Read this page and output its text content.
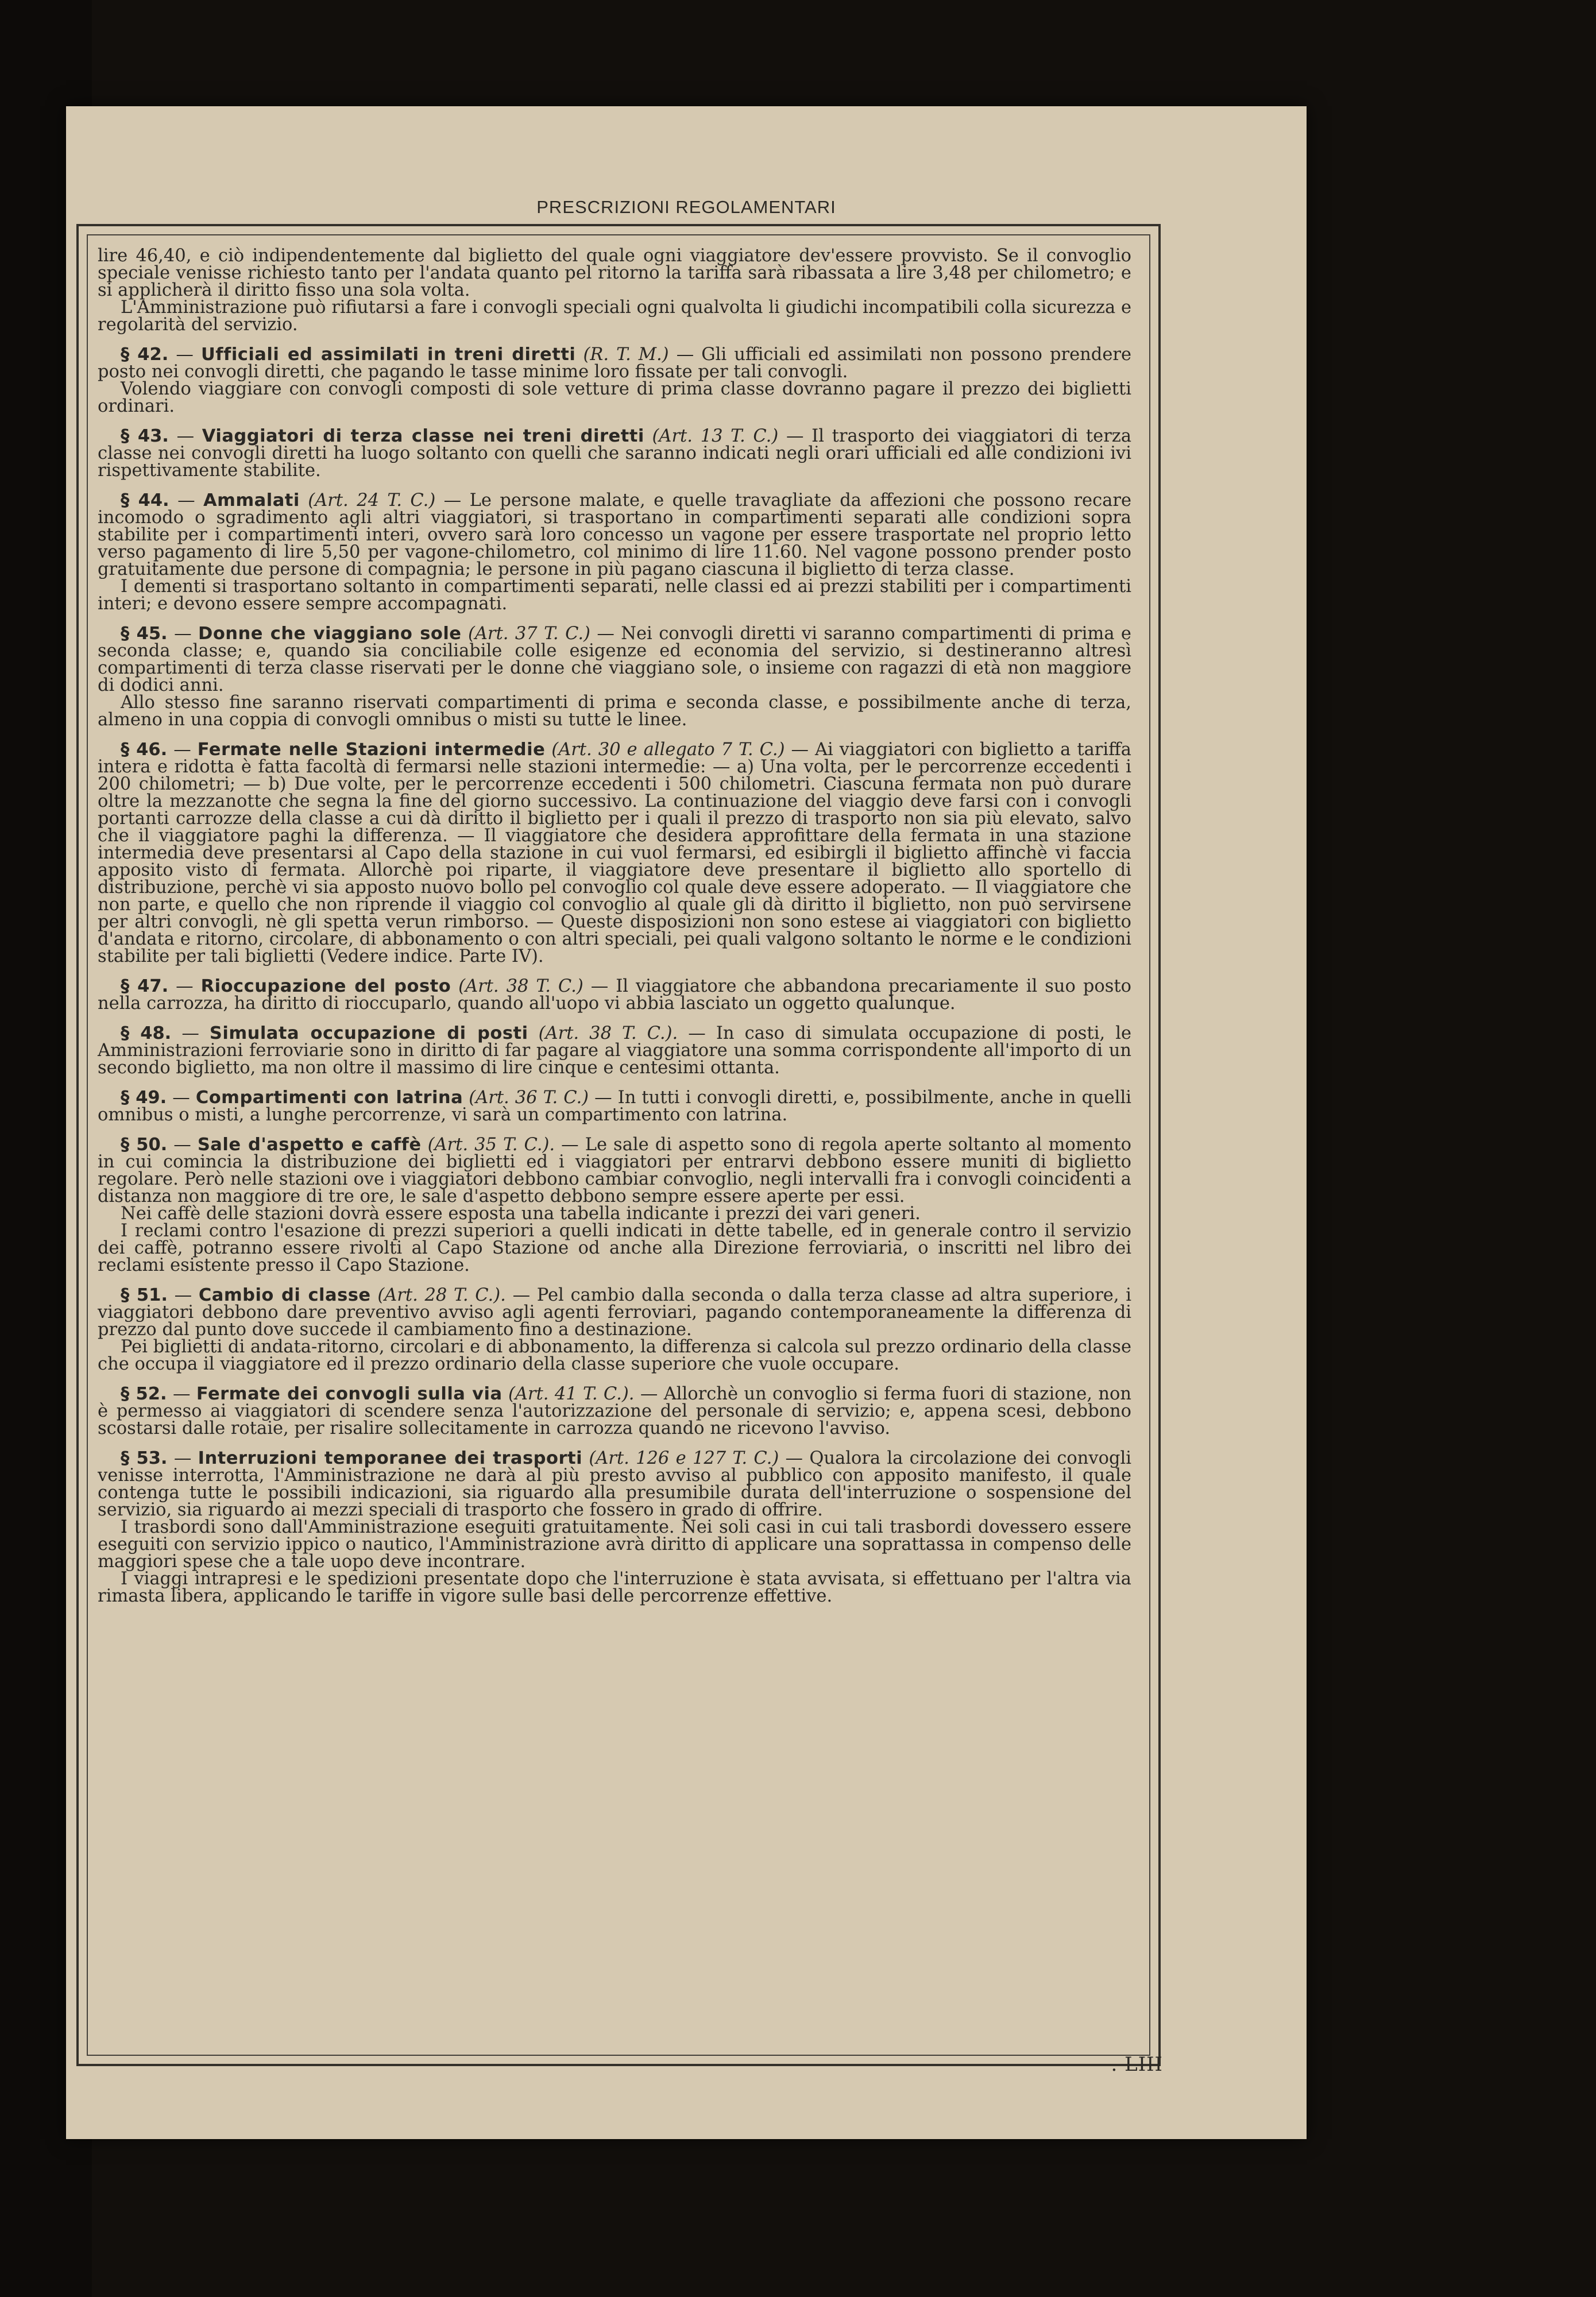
PRESCRIZIONI REGOLAMENTARI

lire 46,40, e ciò indipendentemente dal biglietto del quale ogni viaggiatore dev'essere provvisto. Se il convoglio speciale venisse richiesto tanto per l'andata quanto pel ritorno la tariffa sarà ribassata a lire 3,48 per chilometro; e si applicherà il diritto fisso una sola volta.

L'Amministrazione può rifiutarsi a fare i convogli speciali ogni qualvolta li giudichi incompatibili colla sicurezza e regolarità del servizio.

§ 42. — Ufficiali ed assimilati in treni diretti (R. T. M.) — Gli ufficiali ed assimilati non possono prendere posto nei convogli diretti, che pagando le tasse minime loro fissate per tali convogli.

Volendo viaggiare con convogli composti di sole vetture di prima classe dovranno pagare il prezzo dei biglietti ordinari.

§ 43. — Viaggiatori di terza classe nei treni diretti (Art. 13 T. C.) — Il trasporto dei viaggiatori di terza classe nei convogli diretti ha luogo soltanto con quelli che saranno indicati negli orari ufficiali ed alle condizioni ivi rispettivamente stabilite.

§ 44. — Ammalati (Art. 24 T. C.) — Le persone malate, e quelle travagliate da affezioni che possono recare incomodo o sgradimento agli altri viaggiatori, si trasportano in compartimenti separati alle condizioni sopra stabilite per i compartimenti interi, ovvero sarà loro concesso un vagone per essere trasportate nel proprio letto verso pagamento di lire 5,50 per vagone-chilometro, col minimo di lire 11.60. Nel vagone possono prender posto gratuitamente due persone di compagnia; le persone in più pagano ciascuna il biglietto di terza classe.

I dementi si trasportano soltanto in compartimenti separati, nelle classi ed ai prezzi stabiliti per i compartimenti interi; e devono essere sempre accompagnati.

§ 45. — Donne che viaggiano sole (Art. 37 T. C.) — Nei convogli diretti vi saranno compartimenti di prima e seconda classe; e, quando sia conciliabile colle esigenze ed economia del servizio, si destineranno altresì compartimenti di terza classe riservati per le donne che viaggiano sole, o insieme con ragazzi di età non maggiore di dodici anni.

Allo stesso fine saranno riservati compartimenti di prima e seconda classe, e possibilmente anche di terza, almeno in una coppia di convogli omnibus o misti su tutte le linee.

§ 46. — Fermate nelle Stazioni intermedie (Art. 30 e allegato 7 T. C.) — Ai viaggiatori con biglietto a tariffa intera e ridotta è fatta facoltà di fermarsi nelle stazioni intermedie: — a) Una volta, per le percorrenze eccedenti i 200 chilometri; — b) Due volte, per le percorrenze eccedenti i 500 chilometri. Ciascuna fermata non può durare oltre la mezzanotte che segna la fine del giorno successivo. La continuazione del viaggio deve farsi con i convogli portanti carrozze della classe a cui dà diritto il biglietto per i quali il prezzo di trasporto non sia più elevato, salvo che il viaggiatore paghi la differenza. — Il viaggiatore che desidera approfittare della fermata in una stazione intermedia deve presentarsi al Capo della stazione in cui vuol fermarsi, ed esibirgli il biglietto affinchè vi faccia apposito visto di fermata. Allorchè poi riparte, il viaggiatore deve presentare il biglietto allo sportello di distribuzione, perchè vi sia apposto nuovo bollo pel convoglio col quale deve essere adoperato. — Il viaggiatore che non parte, e quello che non riprende il viaggio col convoglio al quale gli dà diritto il biglietto, non può servirsene per altri convogli, nè gli spetta verun rimborso. — Queste disposizioni non sono estese ai viaggiatori con biglietto d'andata e ritorno, circolare, di abbonamento o con altri speciali, pei quali valgono soltanto le norme e le condizioni stabilite per tali biglietti (Vedere indice. Parte IV).

§ 47. — Rioccupazione del posto (Art. 38 T. C.) — Il viaggiatore che abbandona precariamente il suo posto nella carrozza, ha diritto di rioccuparlo, quando all'uopo vi abbia lasciato un oggetto qualunque.

§ 48. — Simulata occupazione di posti (Art. 38 T. C.). — In caso di simulata occupazione di posti, le Amministrazioni ferroviarie sono in diritto di far pagare al viaggiatore una somma corrispondente all'importo di un secondo biglietto, ma non oltre il massimo di lire cinque e centesimi ottanta.

§ 49. — Compartimenti con latrina (Art. 36 T. C.) — In tutti i convogli diretti, e, possibilmente, anche in quelli omnibus o misti, a lunghe percorrenze, vi sarà un compartimento con latrina.

§ 50. — Sale d'aspetto e caffè (Art. 35 T. C.). — Le sale di aspetto sono di regola aperte soltanto al momento in cui comincia la distribuzione dei biglietti ed i viaggiatori per entrarvi debbono essere muniti di biglietto regolare. Però nelle stazioni ove i viaggiatori debbono cambiar convoglio, negli intervalli fra i convogli coincidenti a distanza non maggiore di tre ore, le sale d'aspetto debbono sempre essere aperte per essi.

Nei caffè delle stazioni dovrà essere esposta una tabella indicante i prezzi dei vari generi.

I reclami contro l'esazione di prezzi superiori a quelli indicati in dette tabelle, ed in generale contro il servizio dei caffè, potranno essere rivolti al Capo Stazione od anche alla Direzione ferroviaria, o inscritti nel libro dei reclami esistente presso il Capo Stazione.

§ 51. — Cambio di classe (Art. 28 T. C.). — Pel cambio dalla seconda o dalla terza classe ad altra superiore, i viaggiatori debbono dare preventivo avviso agli agenti ferroviari, pagando contemporaneamente la differenza di prezzo dal punto dove succede il cambiamento fino a destinazione.

Pei biglietti di andata-ritorno, circolari e di abbonamento, la differenza si calcola sul prezzo ordinario della classe che occupa il viaggiatore ed il prezzo ordinario della classe superiore che vuole occupare.

§ 52. — Fermate dei convogli sulla via (Art. 41 T. C.). — Allorchè un convoglio si ferma fuori di stazione, non è permesso ai viaggiatori di scendere senza l'autorizzazione del personale di servizio; e, appena scesi, debbono scostarsi dalle rotaie, per risalire sollecitamente in carrozza quando ne ricevono l'avviso.

§ 53. — Interruzioni temporanee dei trasporti (Art. 126 e 127 T. C.) — Qualora la circolazione dei convogli venisse interrotta, l'Amministrazione ne darà al più presto avviso al pubblico con apposito manifesto, il quale contenga tutte le possibili indicazioni, sia riguardo alla presumibile durata dell'interruzione o sospensione del servizio, sia riguardo ai mezzi speciali di trasporto che fossero in grado di offrire.

I trasbordi sono dall'Amministrazione eseguiti gratuitamente. Nei soli casi in cui tali trasbordi dovessero essere eseguiti con servizio ippico o nautico, l'Amministrazione avrà diritto di applicare una soprattassa in compenso delle maggiori spese che a tale uopo deve incontrare.

I viaggi intrapresi e le spedizioni presentate dopo che l'interruzione è stata avvisata, si effettuano per l'altra via rimasta libera, applicando le tariffe in vigore sulle basi delle percorrenze effettive.

. LIII
